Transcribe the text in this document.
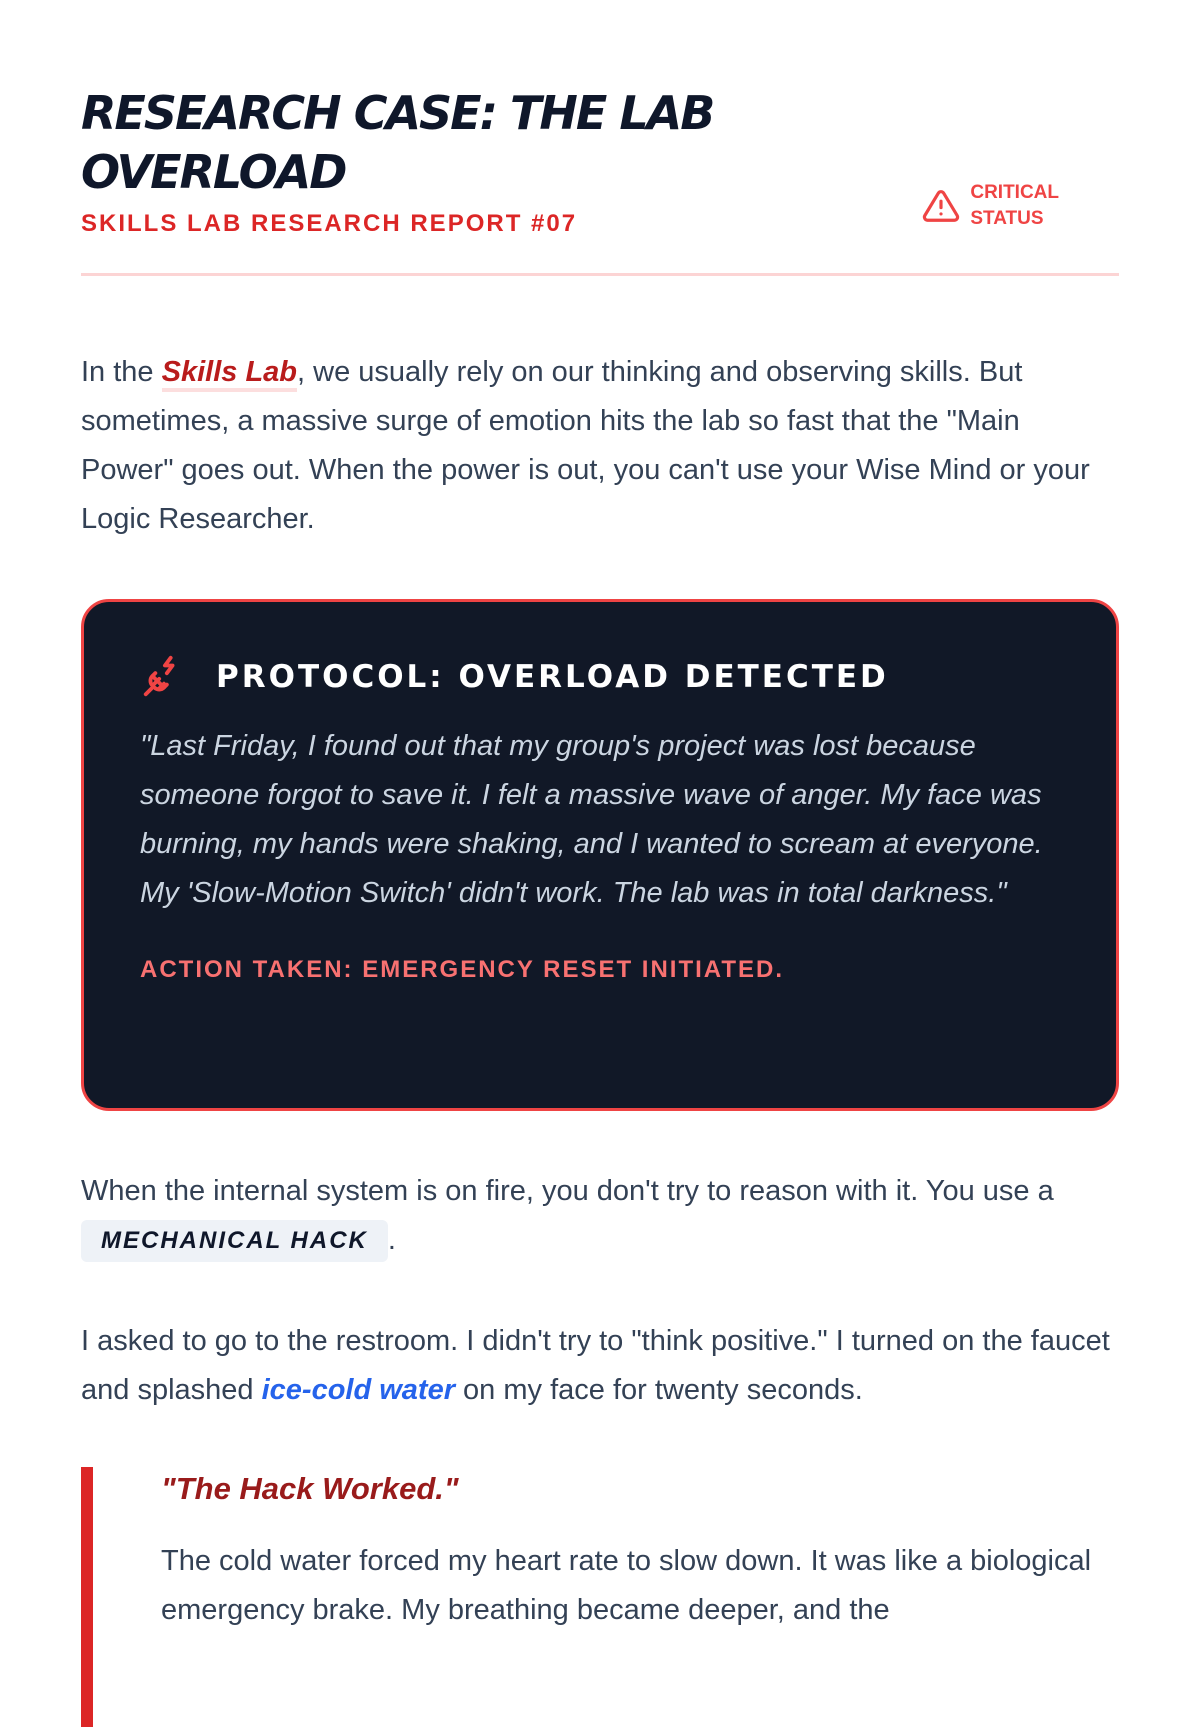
RESEARCH CASE: THE LAB OVERLOAD
SKILLS LAB RESEARCH REPORT #07
CRITICAL
STATUS

In the Skills Lab, we usually rely on our thinking and observing skills. But sometimes, a massive surge of emotion hits the lab so fast that the "Main Power" goes out. When the power is out, you can't use your Wise Mind or your Logic Researcher.

PROTOCOL: OVERLOAD DETECTED

"Last Friday, I found out that my group's project was lost because someone forgot to save it. I felt a massive wave of anger. My face was burning, my hands were shaking, and I wanted to scream at everyone. My 'Slow-Motion Switch' didn't work. The lab was in total darkness."

ACTION TAKEN: EMERGENCY RESET INITIATED.

When the internal system is on fire, you don't try to reason with it. You use a MECHANICAL HACK .

I asked to go to the restroom. I didn't try to "think positive." I turned on the faucet and splashed ice-cold water on my face for twenty seconds.

"The Hack Worked."

The cold water forced my heart rate to slow down. It was like a biological emergency brake. My breathing became deeper, and the
